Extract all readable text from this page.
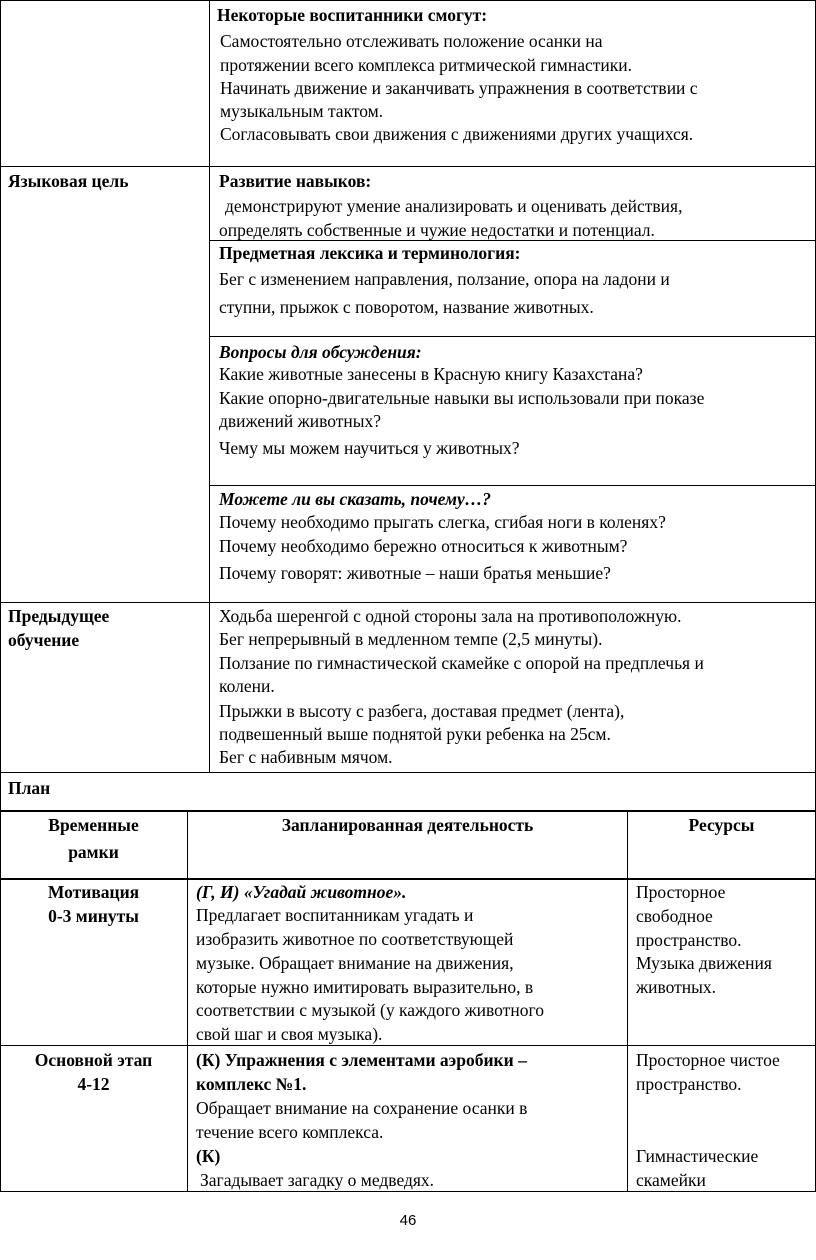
Некоторые воспитанники смогут:
Самостоятельно отслеживать положение осанки на
протяжении всего комплекса ритмической гимнастики.
Начинать движение и заканчивать упражнения в соответствии с
музыкальным тактом.
Согласовывать свои движения с движениями других учащихся.
Языковая цель	Развитие навыков:
демонстрируют умение анализировать и оценивать действия,
определять собственные и чужие недостатки и потенциал.
Предметная лексика и терминология:
Бег с изменением направления, ползание, опора на ладони и
ступни, прыжок с поворотом, название животных.
Вопросы для обсуждения:
Какие животные занесены в Красную книгу Казахстана?
Какие опорно-двигательные навыки вы использовали при показе
движений животных?
Чему мы можем научиться у животных?
Можете ли вы сказать, почему…?
Почему необходимо прыгать слегка, сгибая ноги в коленях?
Почему необходимо бережно относиться к животным?
Почему говорят: животные – наши братья меньшие?
Предыдущее
обучение
Ходьба шеренгой с одной стороны зала на противоположную.
Бег непрерывный в медленном темпе (2,5 минуты).
Ползание по гимнастической скамейке с опорой на предплечья и
колени.
Прыжки в высоту с разбега, доставая предмет (лента),
подвешенный выше поднятой руки ребенка на 25см.
Бег с набивным мячом.
План
Временные
рамки
Запланированная деятельность	Ресурсы
Мотивация
0-3 минуты
(Г, И) «Угадай животное».
Предлагает воспитанникам угадать и
изобразить животное по соответствующей
музыке. Обращает внимание на движения,
которые нужно имитировать выразительно, в
соответствии с музыкой (у каждого животного
свой шаг и своя музыка).
Просторное
свободное
пространство.
Музыка движения
животных.
Основной этап
4-12
(К) Упражнения с элементами аэробики –
комплекс №1.
Обращает внимание на сохранение осанки в
течение всего комплекса.
(К)
Загадывает загадку о медведях.
Просторное чистое
пространство.
Гимнастические
скамейки
46
